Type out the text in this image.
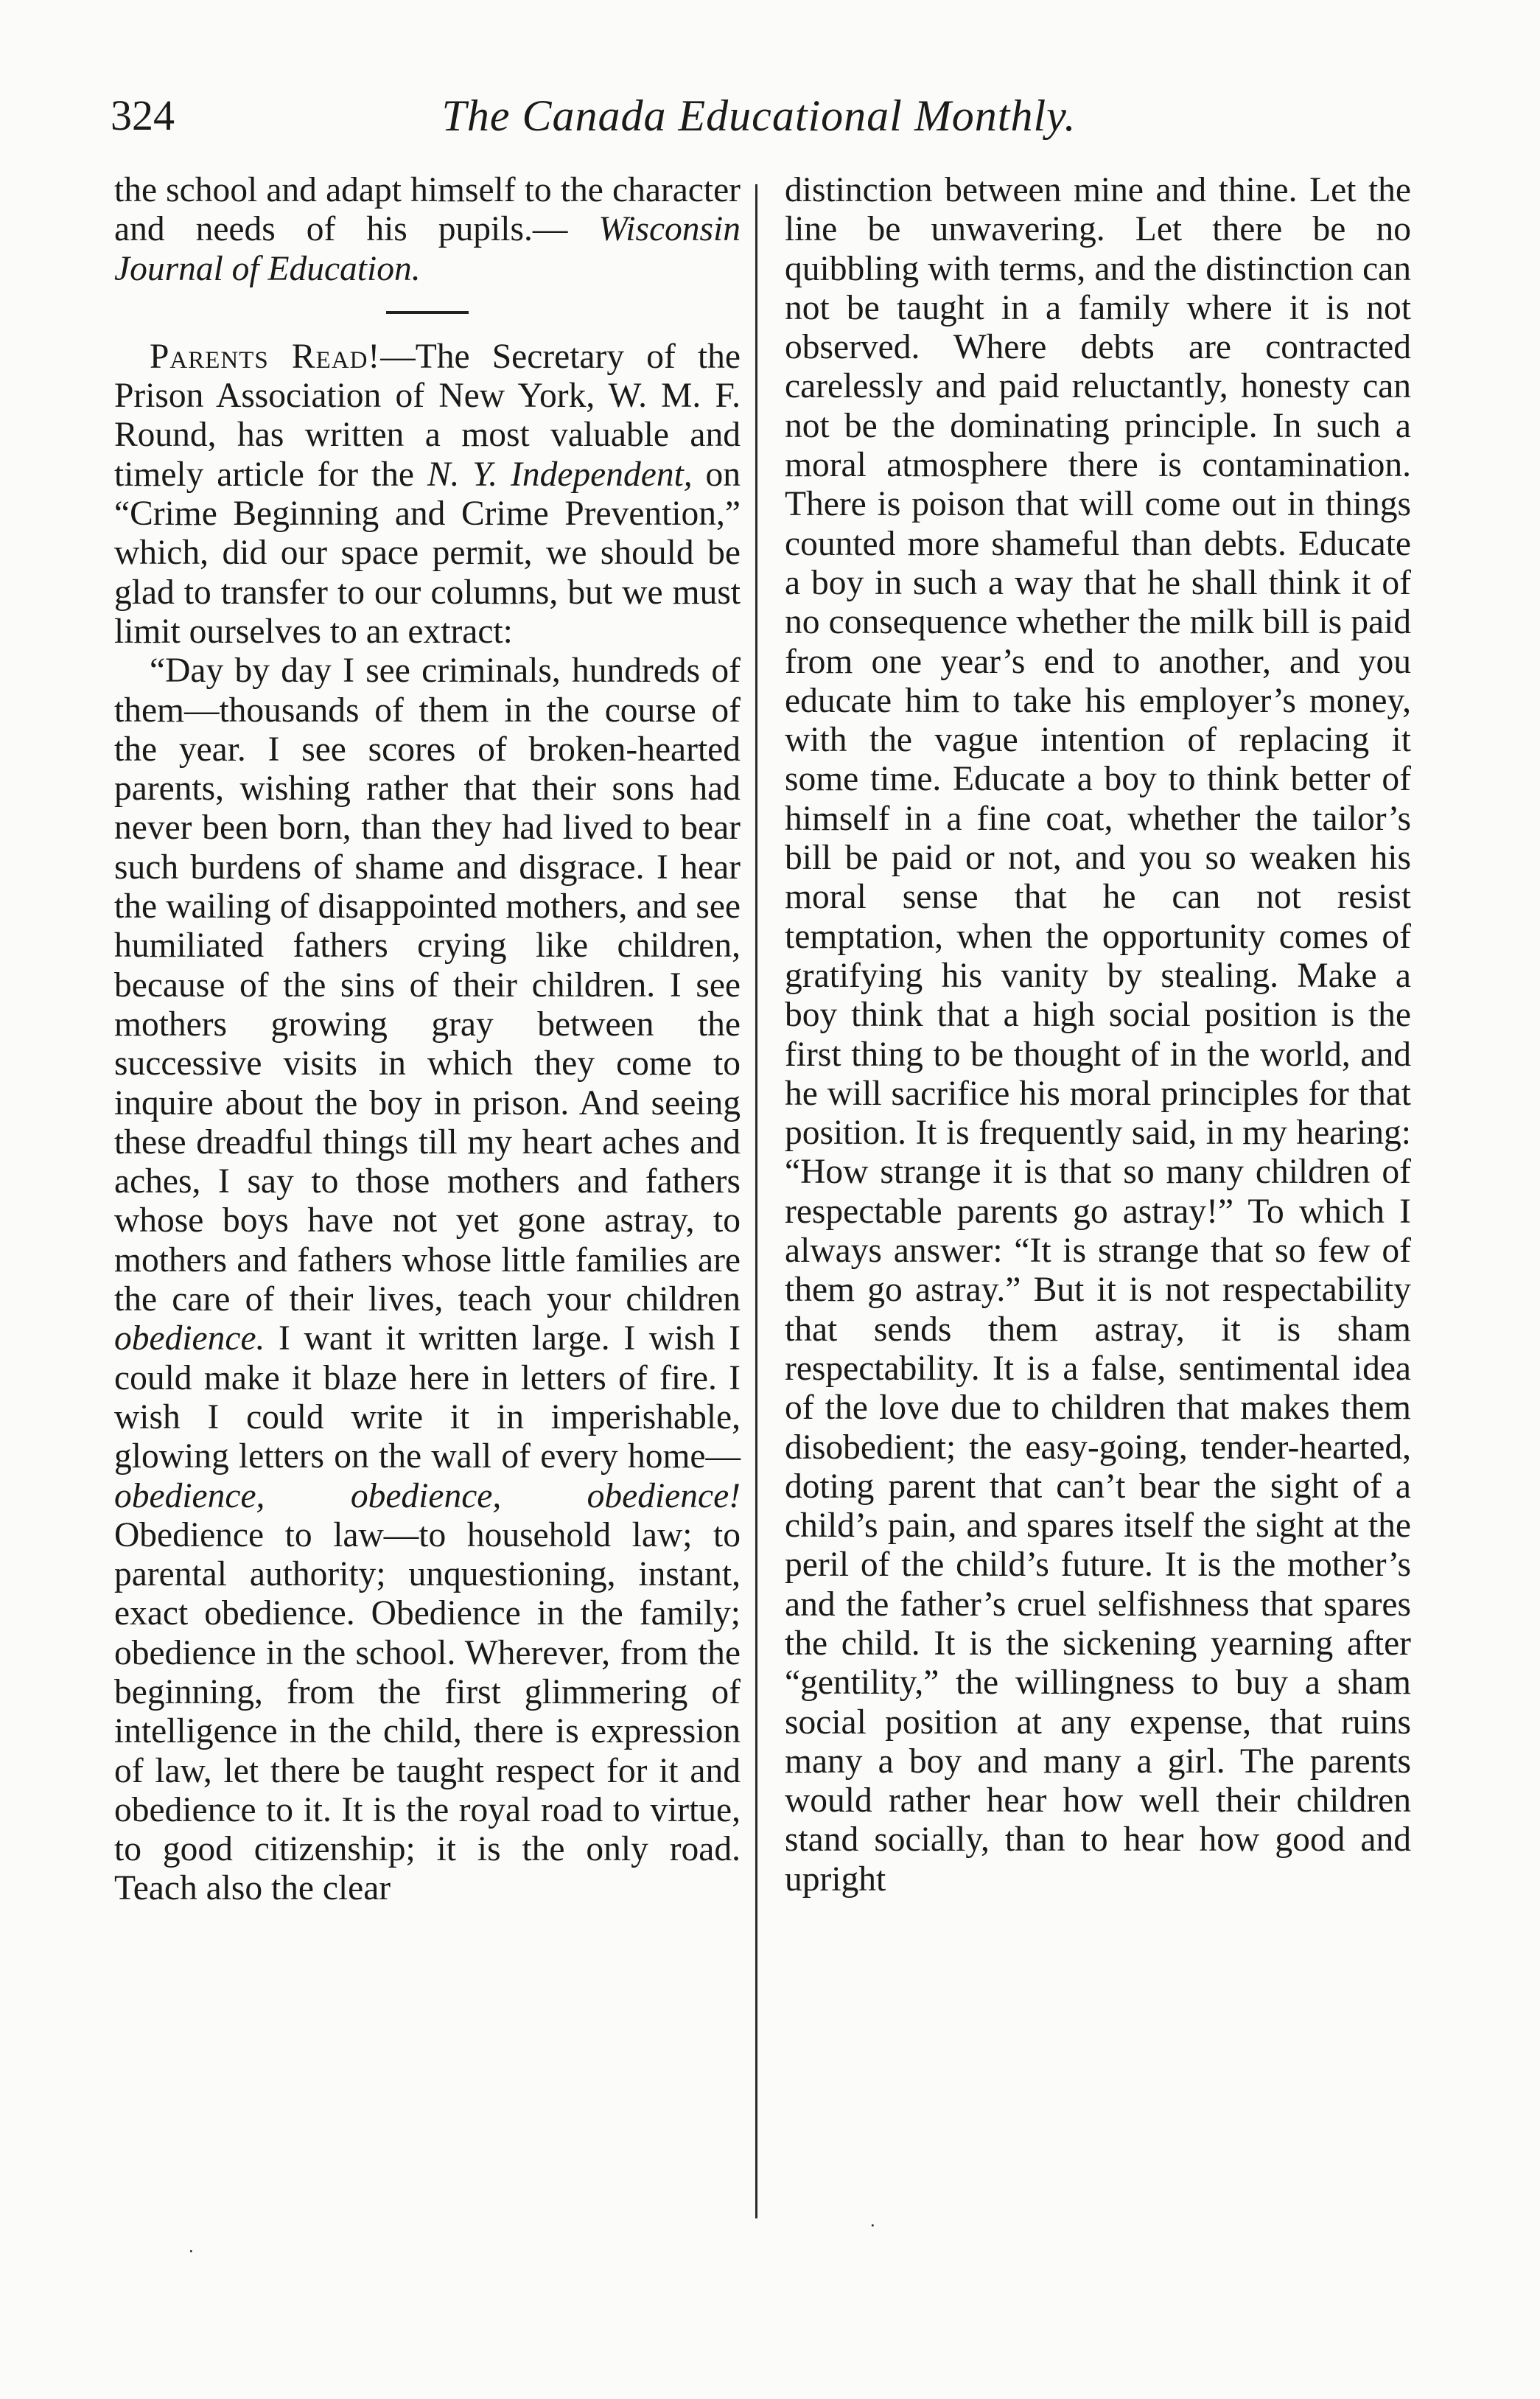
324	The Canada Educational Monthly.

the school and adapt himself to the character and needs of his pupils.— Wisconsin Journal of Education.

Parents Read!—The Secretary of the Prison Association of New York, W. M. F. Round, has written a most valuable and timely article for the N. Y. Independent, on “Crime Beginning and Crime Prevention,” which, did our space permit, we should be glad to transfer to our columns, but we must limit ourselves to an extract:

“Day by day I see criminals, hundreds of them—thousands of them in the course of the year. I see scores of broken-hearted parents, wishing rather that their sons had never been born, than they had lived to bear such burdens of shame and disgrace. I hear the wailing of disappointed mothers, and see humiliated fathers crying like children, because of the sins of their children. I see mothers growing gray between the successive visits in which they come to inquire about the boy in prison. And seeing these dreadful things till my heart aches and aches, I say to those mothers and fathers whose boys have not yet gone astray, to mothers and fathers whose little families are the care of their lives, teach your children obedience. I want it written large. I wish I could make it blaze here in letters of fire. I wish I could write it in imperishable, glowing letters on the wall of every home—obedience, obedience, obedience! Obedience to law—to household law; to parental authority; unquestioning, instant, exact obedience. Obedience in the family; obedience in the school. Wherever, from the beginning, from the first glimmering of intelligence in the child, there is expression of law, let there be taught respect for it and obedience to it. It is the royal road to virtue, to good citizenship; it is the only road. Teach also the clear

distinction between mine and thine. Let the line be unwavering. Let there be no quibbling with terms, and the distinction can not be taught in a family where it is not observed. Where debts are contracted carelessly and paid reluctantly, honesty can not be the dominating principle. In such a moral atmosphere there is contamination. There is poison that will come out in things counted more shameful than debts. Educate a boy in such a way that he shall think it of no consequence whether the milk bill is paid from one year’s end to another, and you educate him to take his employer’s money, with the vague intention of replacing it some time. Educate a boy to think better of himself in a fine coat, whether the tailor’s bill be paid or not, and you so weaken his moral sense that he can not resist temptation, when the opportunity comes of gratifying his vanity by stealing. Make a boy think that a high social position is the first thing to be thought of in the world, and he will sacrifice his moral principles for that position. It is frequently said, in my hearing: “How strange it is that so many children of respectable parents go astray!” To which I always answer: “It is strange that so few of them go astray.” But it is not respectability that sends them astray, it is sham respectability. It is a false, sentimental idea of the love due to children that makes them disobedient; the easy-going, tender-hearted, doting parent that can’t bear the sight of a child’s pain, and spares itself the sight at the peril of the child’s future. It is the mother’s and the father’s cruel selfishness that spares the child. It is the sickening yearning after “gentility,” the willingness to buy a sham social position at any expense, that ruins many a boy and many a girl. The parents would rather hear how well their children stand socially, than to hear how good and upright

·
·
